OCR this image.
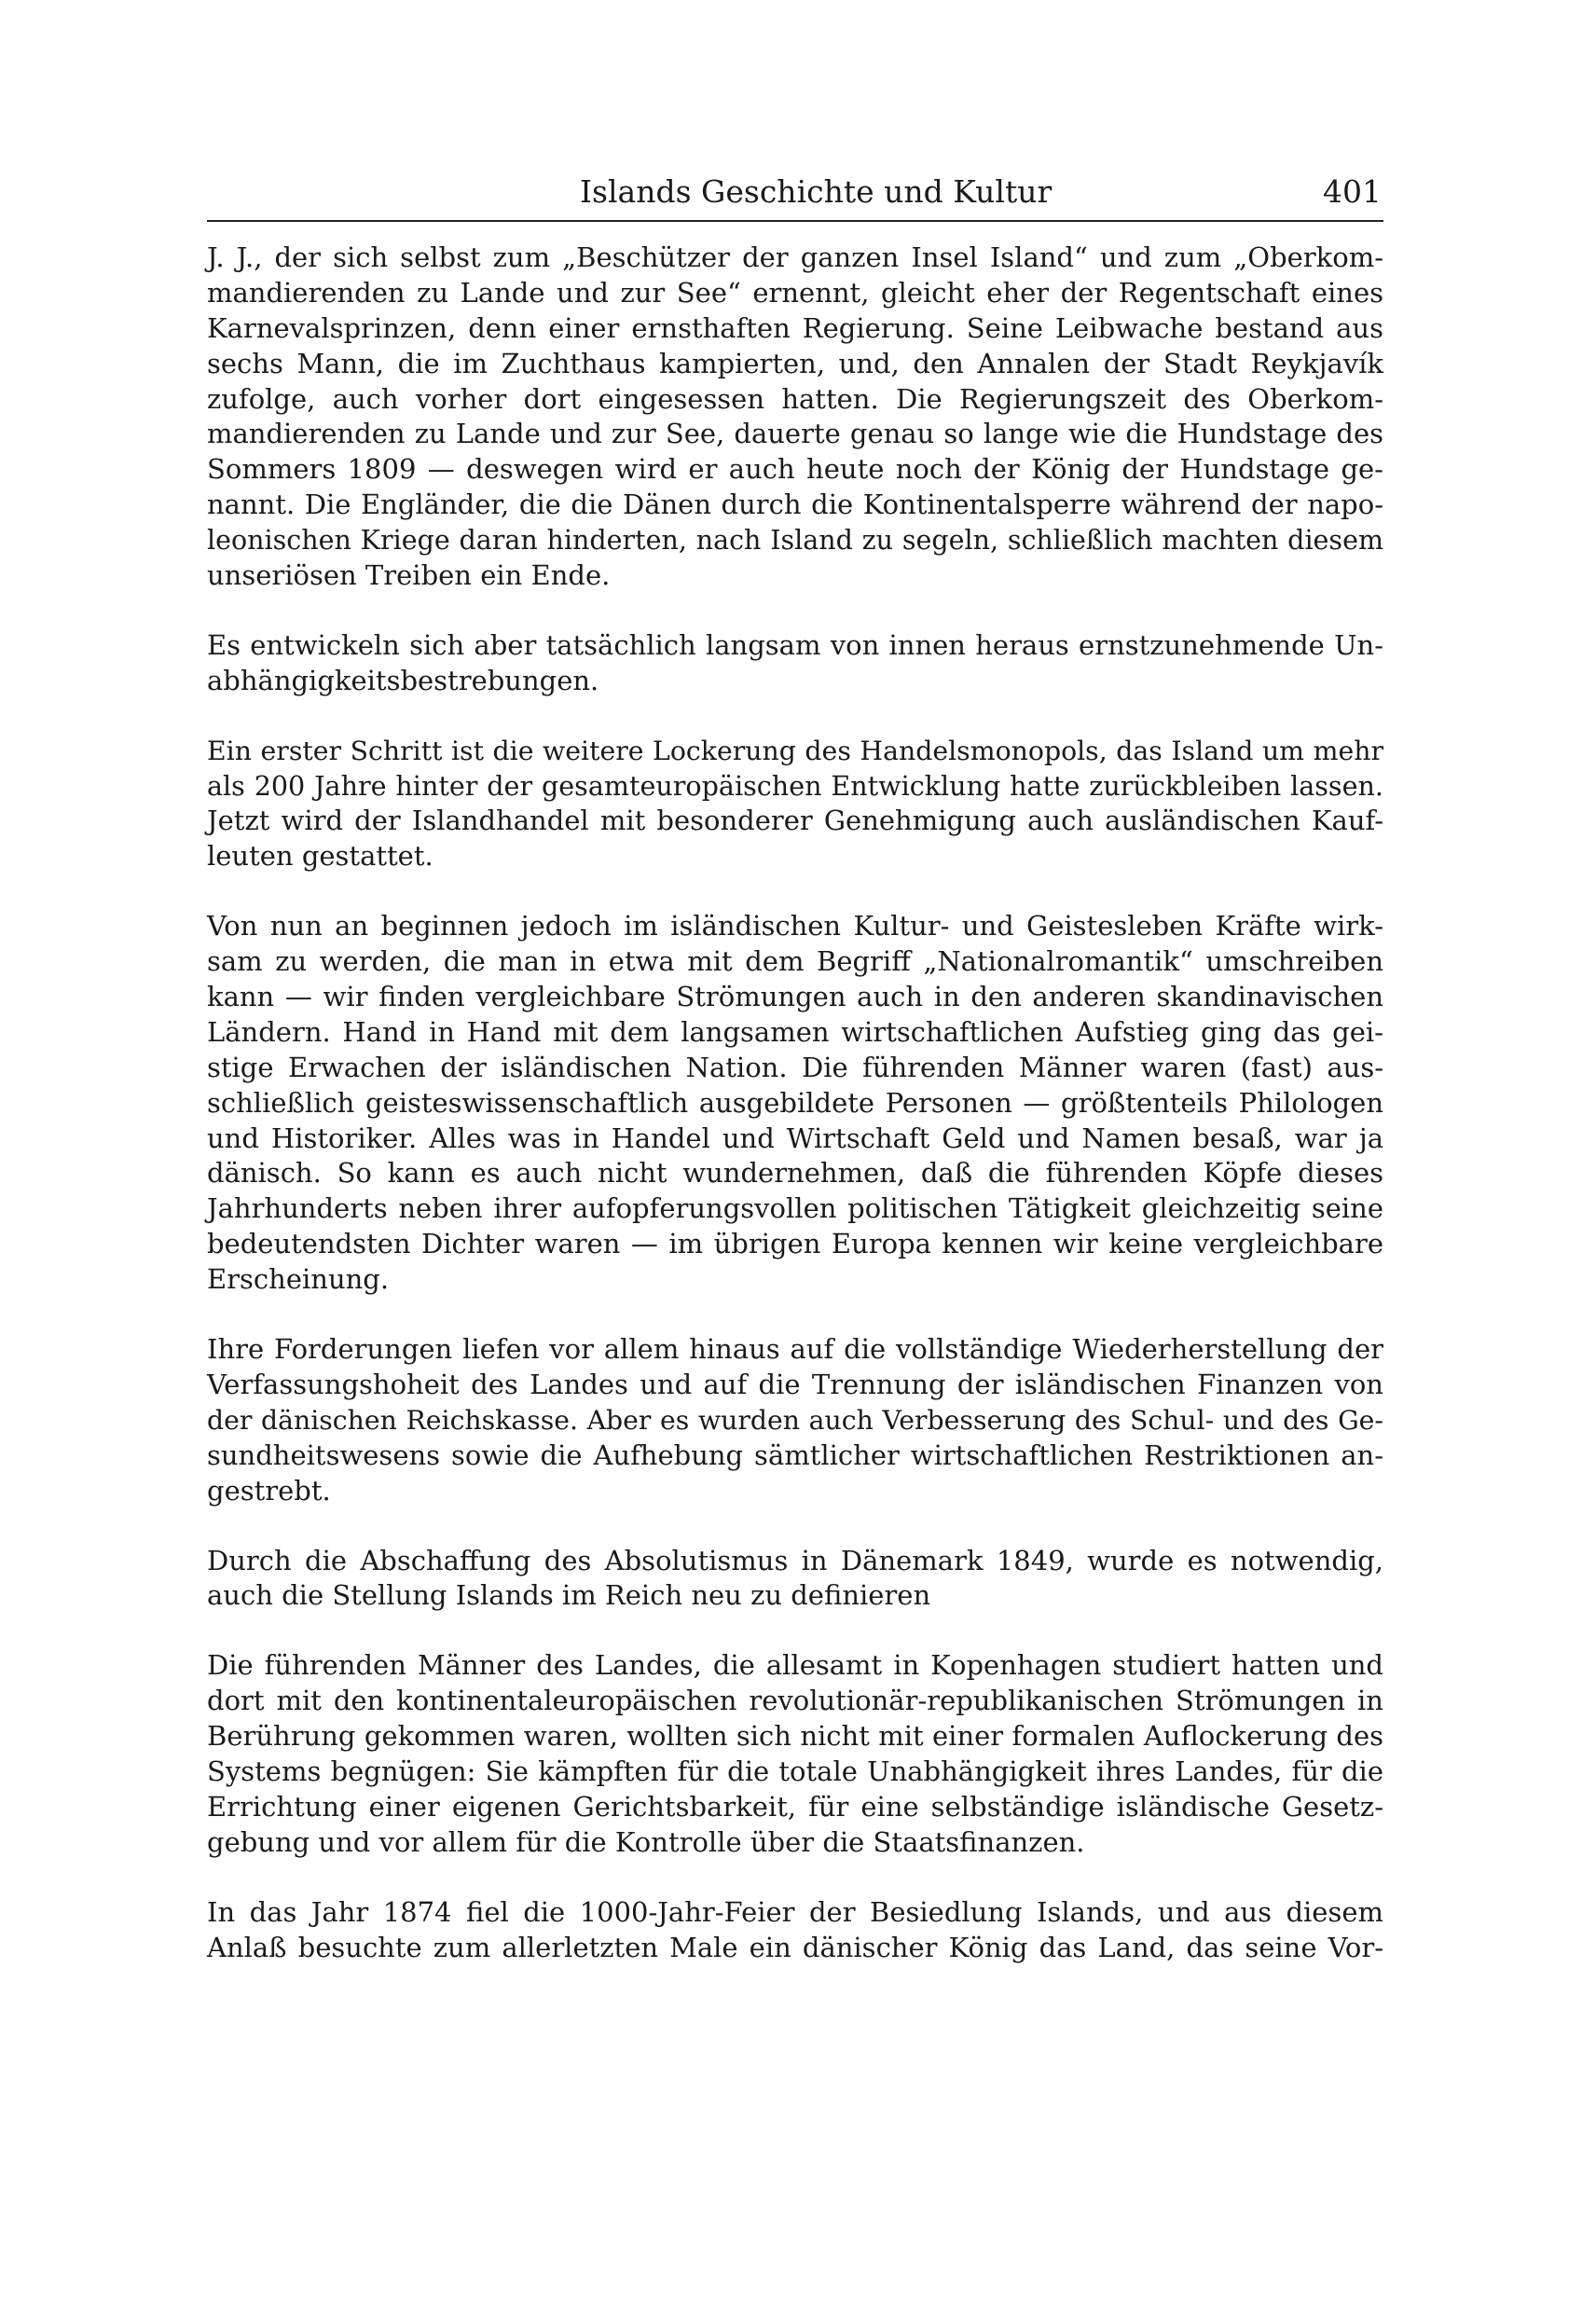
Islands Geschichte und Kultur	401
J. J., der sich selbst zum „Beschützer der ganzen Insel Island“ und zum „Oberkom-
mandierenden zu Lande und zur See“ ernennt, gleicht eher der Regentschaft eines
Karnevalsprinzen, denn einer ernsthaften Regierung. Seine Leibwache bestand aus
sechs Mann, die im Zuchthaus kampierten, und, den Annalen der Stadt Reykjavík
zufolge, auch vorher dort eingesessen hatten. Die Regierungszeit des Oberkom-
mandierenden zu Lande und zur See, dauerte genau so lange wie die Hundstage des
Sommers 1809 — deswegen wird er auch heute noch der König der Hundstage ge-
nannt. Die Engländer, die die Dänen durch die Kontinentalsperre während der napo-
leonischen Kriege daran hinderten, nach Island zu segeln, schließlich machten diesem
unseriösen Treiben ein Ende.
Es entwickeln sich aber tatsächlich langsam von innen heraus ernstzunehmende Un-
abhängigkeitsbestrebungen.
Ein erster Schritt ist die weitere Lockerung des Handelsmonopols, das Island um mehr
als 200 Jahre hinter der gesamteuropäischen Entwicklung hatte zurückbleiben lassen.
Jetzt wird der Islandhandel mit besonderer Genehmigung auch ausländischen Kauf-
leuten gestattet.
Von nun an beginnen jedoch im isländischen Kultur- und Geistesleben Kräfte wirk-
sam zu werden, die man in etwa mit dem Begriff „Nationalromantik“ umschreiben
kann — wir finden vergleichbare Strömungen auch in den anderen skandinavischen
Ländern. Hand in Hand mit dem langsamen wirtschaftlichen Aufstieg ging das gei-
stige Erwachen der isländischen Nation. Die führenden Männer waren (fast) aus-
schließlich geisteswissenschaftlich ausgebildete Personen — größtenteils Philologen
und Historiker. Alles was in Handel und Wirtschaft Geld und Namen besaß, war ja
dänisch. So kann es auch nicht wundernehmen, daß die führenden Köpfe dieses
Jahrhunderts neben ihrer aufopferungsvollen politischen Tätigkeit gleichzeitig seine
bedeutendsten Dichter waren — im übrigen Europa kennen wir keine vergleichbare
Erscheinung.
Ihre Forderungen liefen vor allem hinaus auf die vollständige Wiederherstellung der
Verfassungshoheit des Landes und auf die Trennung der isländischen Finanzen von
der dänischen Reichskasse. Aber es wurden auch Verbesserung des Schul- und des Ge-
sundheitswesens sowie die Aufhebung sämtlicher wirtschaftlichen Restriktionen an-
gestrebt.
Durch die Abschaffung des Absolutismus in Dänemark 1849, wurde es notwendig,
auch die Stellung Islands im Reich neu zu definieren
Die führenden Männer des Landes, die allesamt in Kopenhagen studiert hatten und
dort mit den kontinentaleuropäischen revolutionär-republikanischen Strömungen in
Berührung gekommen waren, wollten sich nicht mit einer formalen Auflockerung des
Systems begnügen: Sie kämpften für die totale Unabhängigkeit ihres Landes, für die
Errichtung einer eigenen Gerichtsbarkeit, für eine selbständige isländische Gesetz-
gebung und vor allem für die Kontrolle über die Staatsfinanzen.
In das Jahr 1874 fiel die 1000-Jahr-Feier der Besiedlung Islands, und aus diesem
Anlaß besuchte zum allerletzten Male ein dänischer König das Land, das seine Vor-
